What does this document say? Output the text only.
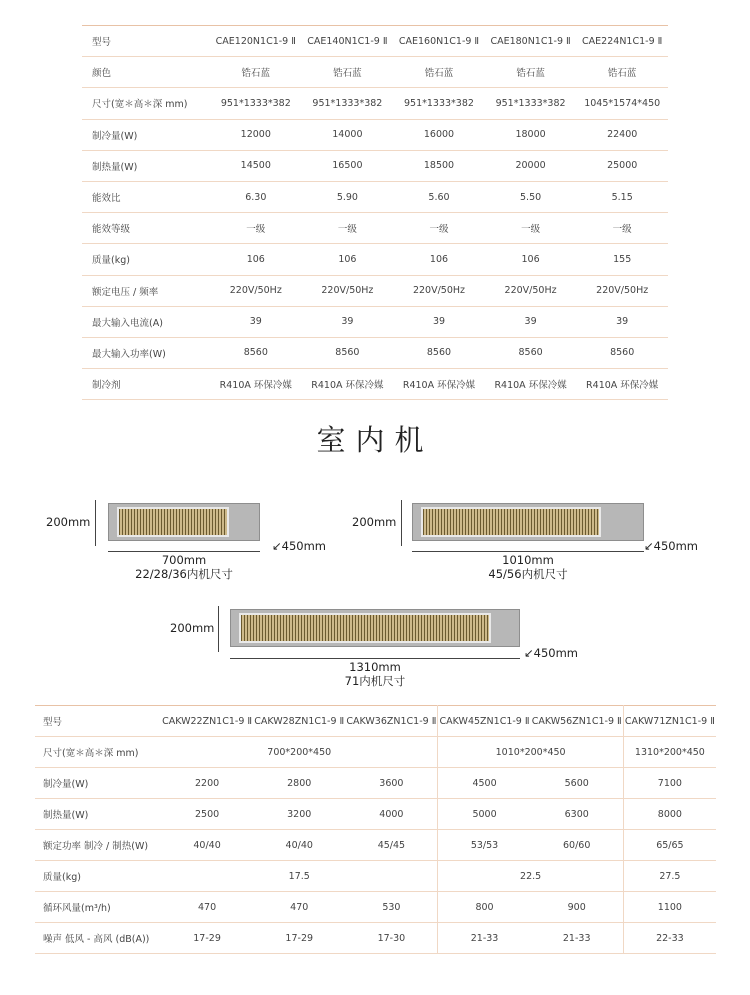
型号	CAE120N1C1-9 Ⅱ	CAE140N1C1-9 Ⅱ	CAE160N1C1-9 Ⅱ	CAE180N1C1-9 Ⅱ	CAE224N1C1-9 Ⅱ
颜色	锆石蓝	锆石蓝	锆石蓝	锆石蓝	锆石蓝
尺寸(宽＊高＊深 mm)	951*1333*382	951*1333*382	951*1333*382	951*1333*382	1045*1574*450
制冷量(W)	12000	14000	16000	18000	22400
制热量(W)	14500	16500	18500	20000	25000
能效比	6.30	5.90	5.60	5.50	5.15
能效等级	一级	一级	一级	一级	一级
质量(kg)	106	106	106	106	155
额定电压 / 频率	220V/50Hz	220V/50Hz	220V/50Hz	220V/50Hz	220V/50Hz
最大输入电流(A)	39	39	39	39	39
最大输入功率(W)	8560	8560	8560	8560	8560
制冷剂	R410A 环保冷媒	R410A 环保冷媒	R410A 环保冷媒	R410A 环保冷媒	R410A 环保冷媒
室内机
200mm
↙450mm
700mm
22/28/36内机尺寸
200mm
↙450mm
1010mm
45/56内机尺寸
200mm
↙450mm
1310mm
71内机尺寸
型号	CAKW22ZN1C1-9 Ⅱ	CAKW28ZN1C1-9 Ⅱ	CAKW36ZN1C1-9 Ⅱ	CAKW45ZN1C1-9 Ⅱ	CAKW56ZN1C1-9 Ⅱ	CAKW71ZN1C1-9 Ⅱ
尺寸(宽＊高＊深 mm)	700*200*450			1010*200*450		1310*200*450
制冷量(W)	2200	2800	3600	4500	5600	7100
制热量(W)	2500	3200	4000	5000	6300	8000
额定功率 制冷 / 制热(W)	40/40	40/40	45/45	53/53	60/60	65/65
质量(kg)	17.5			22.5		27.5
循环风量(m³/h)	470	470	530	800	900	1100
噪声 低风 - 高风 (dB(A))	17-29	17-29	17-30	21-33	21-33	22-33
